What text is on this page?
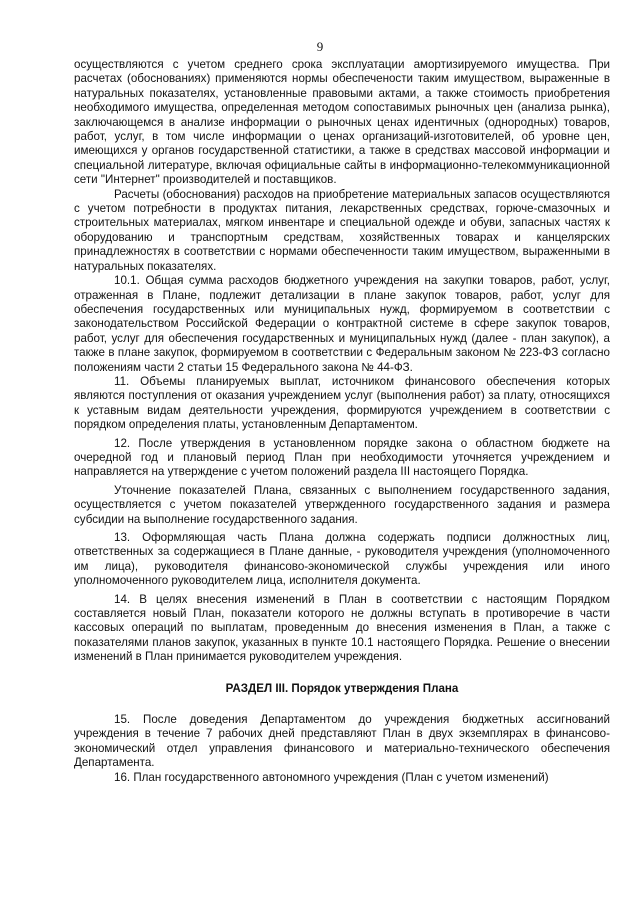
9

осуществляются с учетом среднего срока эксплуатации амортизируемого имущества. При расчетах (обоснованиях) применяются нормы обеспечености таким имуществом, выраженные в натуральных показателях, установленные правовыми актами, а также стоимость приобретения необходимого имущества, определенная методом сопоставимых рыночных цен (анализа рынка), заключающемся в анализе информации о рыночных ценах идентичных (однородных) товаров, работ, услуг, в том числе информации о ценах организаций-изготовителей, об уровне цен, имеющихся у органов государственной статистики, а также в средствах массовой информации и специальной литературе, включая официальные сайты в информационно-телекоммуникационной сети "Интернет" производителей и поставщиков.

Расчеты (обоснования) расходов на приобретение материальных запасов осуществляются с учетом потребности в продуктах питания, лекарственных средствах, горюче-смазочных и строительных материалах, мягком инвентаре и специальной одежде и обуви, запасных частях к оборудованию и транспортным средствам, хозяйственных товарах и канцелярских принадлежностях в соответствии с нормами обеспеченности таким имуществом, выраженными в натуральных показателях.

10.1. Общая сумма расходов бюджетного учреждения на закупки товаров, работ, услуг, отраженная в Плане, подлежит детализации в плане закупок товаров, работ, услуг для обеспечения государственных или муниципальных нужд, формируемом в соответствии с законодательством Российской Федерации о контрактной системе в сфере закупок товаров, работ, услуг для обеспечения государственных и муниципальных нужд (далее - план закупок), а также в плане закупок, формируемом в соответствии с Федеральным законом № 223-ФЗ согласно положениям части 2 статьи 15 Федерального закона № 44-ФЗ.

11. Объемы планируемых выплат, источником финансового обеспечения которых являются поступления от оказания учреждением услуг (выполнения работ) за плату, относящихся к уставным видам деятельности учреждения, формируются учреждением в соответствии с порядком определения платы, установленным Департаментом.

12. После утверждения в установленном порядке закона о областном бюджете на очередной год и плановый период План при необходимости уточняется учреждением и направляется на утверждение с учетом положений раздела III настоящего Порядка.

Уточнение показателей Плана, связанных с выполнением государственного задания, осуществляется с учетом показателей утвержденного государственного задания и размера субсидии на выполнение государственного задания.

13. Оформляющая часть Плана должна содержать подписи должностных лиц, ответственных за содержащиеся в Плане данные, - руководителя учреждения (уполномоченного им лица), руководителя финансово-экономической службы учреждения или иного уполномоченного руководителем лица, исполнителя документа.

14. В целях внесения изменений в План в соответствии с настоящим Порядком составляется новый План, показатели которого не должны вступать в противоречие в части кассовых операций по выплатам, проведенным до внесения изменения в План, а также с показателями планов закупок, указанных в пункте 10.1 настоящего Порядка. Решение о внесении изменений в План принимается руководителем учреждения.

РАЗДЕЛ III. Порядок утверждения Плана

15. После доведения Департаментом до учреждения бюджетных ассигнований учреждения в течение 7 рабочих дней представляют План в двух экземплярах в финансово-экономический отдел управления финансового и материально-технического обеспечения Департамента.

16. План государственного автономного учреждения (План с учетом изменений)
